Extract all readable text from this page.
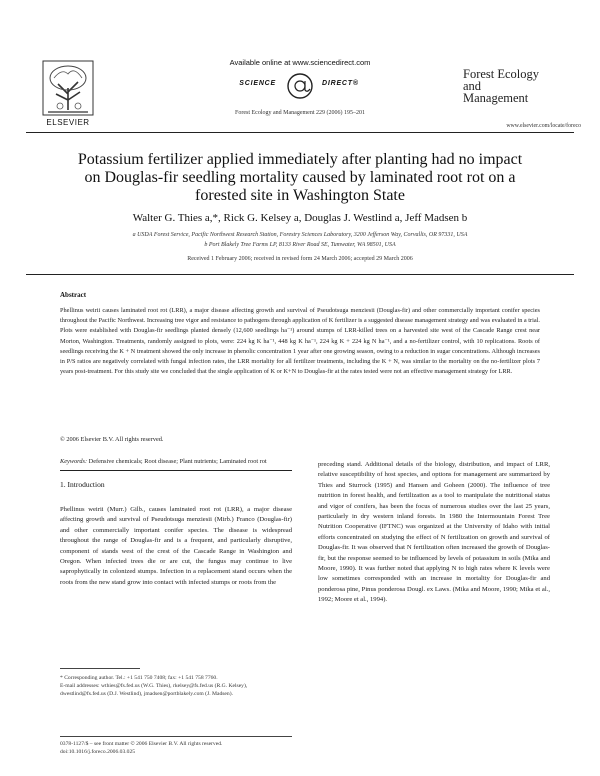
ELSEVIER
Available online at www.sciencedirect.com
SCIENCE	DIRECT®
Forest Ecology and Management 229 (2006) 195–201
Forest Ecology
and
Management
www.elsevier.com/locate/foreco
Potassium fertilizer applied immediately after planting had no impact on Douglas-fir seedling mortality caused by laminated root rot on a forested site in Washington State
Walter G. Thies a,*, Rick G. Kelsey a, Douglas J. Westlind a, Jeff Madsen b
a USDA Forest Service, Pacific Northwest Research Station, Forestry Sciences Laboratory, 3200 Jefferson Way, Corvallis, OR 97331, USA
b Port Blakely Tree Farms LP, 8133 River Road SE, Tumwater, WA 98501, USA
Received 1 February 2006; received in revised form 24 March 2006; accepted 29 March 2006
Abstract
Phellinus weirii causes laminated root rot (LRR), a major disease affecting growth and survival of Pseudotsuga menziesii (Douglas-fir) and other commercially important conifer species throughout the Pacific Northwest. Increasing tree vigor and resistance to pathogens through application of K fertilizer is a suggested disease management strategy and was evaluated in a trial. Plots were established with Douglas-fir seedlings planted densely (12,600 seedlings ha⁻¹) around stumps of LRR-killed trees on a harvested site west of the Cascade Range crest near Morton, Washington. Treatments, randomly assigned to plots, were: 224 kg K ha⁻¹, 448 kg K ha⁻¹, 224 kg K + 224 kg N ha⁻¹, and a no-fertilizer control, with 10 replications. Roots of seedlings receiving the K + N treatment showed the only increase in phenolic concentration 1 year after one growing season, owing to a reduction in sugar concentrations. Although increases in P/S ratios are negatively correlated with fungal infection rates, the LRR mortality for all fertilizer treatments, including the K + N, was similar to the mortality on the no-fertilizer plots 7 years post-treatment. For this study site we concluded that the single application of K or K+N to Douglas-fir at the rates tested were not an effective management strategy for LRR.
© 2006 Elsevier B.V. All rights reserved.
Keywords: Defensive chemicals; Root disease; Plant nutrients; Laminated root rot
1. Introduction
Phellinus weirii (Murr.) Gilb., causes laminated root rot (LRR), a major disease affecting growth and survival of Pseudotsuga menziesii (Mirb.) Franco (Douglas-fir) and other commercially important conifer species. The disease is widespread throughout the range of Douglas-fir and is a frequent, and particularly disruptive, component of stands west of the crest of the Cascade Range in Washington and Oregon. When infected trees die or are cut, the fungus may continue to live saprophytically in colonized stumps. Infection in a replacement stand occurs when the roots from the new stand grow into contact with infected stumps or roots from the
preceding stand. Additional details of the biology, distribution, and impact of LRR, relative susceptibility of host species, and options for management are summarized by Thies and Sturrock (1995) and Hansen and Goheen (2000). The influence of tree nutrition in forest health, and fertilization as a tool to manipulate the nutritional status and vigor of conifers, has been the focus of numerous studies over the last 25 years, particularly in dry western inland forests. In 1980 the Intermountain Forest Tree Nutrition Cooperative (IFTNC) was organized at the University of Idaho with initial efforts concentrated on studying the effect of N fertilization on growth and survival of Douglas-fir. It was observed that N fertilization often increased the growth of Douglas-fir, but the response seemed to be influenced by levels of potassium in soils (Mika and Moore, 1990). It was further noted that applying N to high rates where K levels were low sometimes corresponded with an increase in mortality for Douglas-fir and ponderosa pine, Pinus ponderosa Dougl. ex Laws. (Mika and Moore, 1990; Mika et al., 1992; Moore et al., 1994).
* Corresponding author. Tel.: +1 541 750 7408; fax: +1 541 758 7760.
E-mail addresses: wthies@fs.fed.us (W.G. Thies), rkelsey@fs.fed.us (R.G. Kelsey), dwestlind@fs.fed.us (D.J. Westlind), jmadsen@portblakely.com (J. Madsen).
0378-1127/$ – see front matter © 2006 Elsevier B.V. All rights reserved.
doi:10.1016/j.foreco.2006.03.025
